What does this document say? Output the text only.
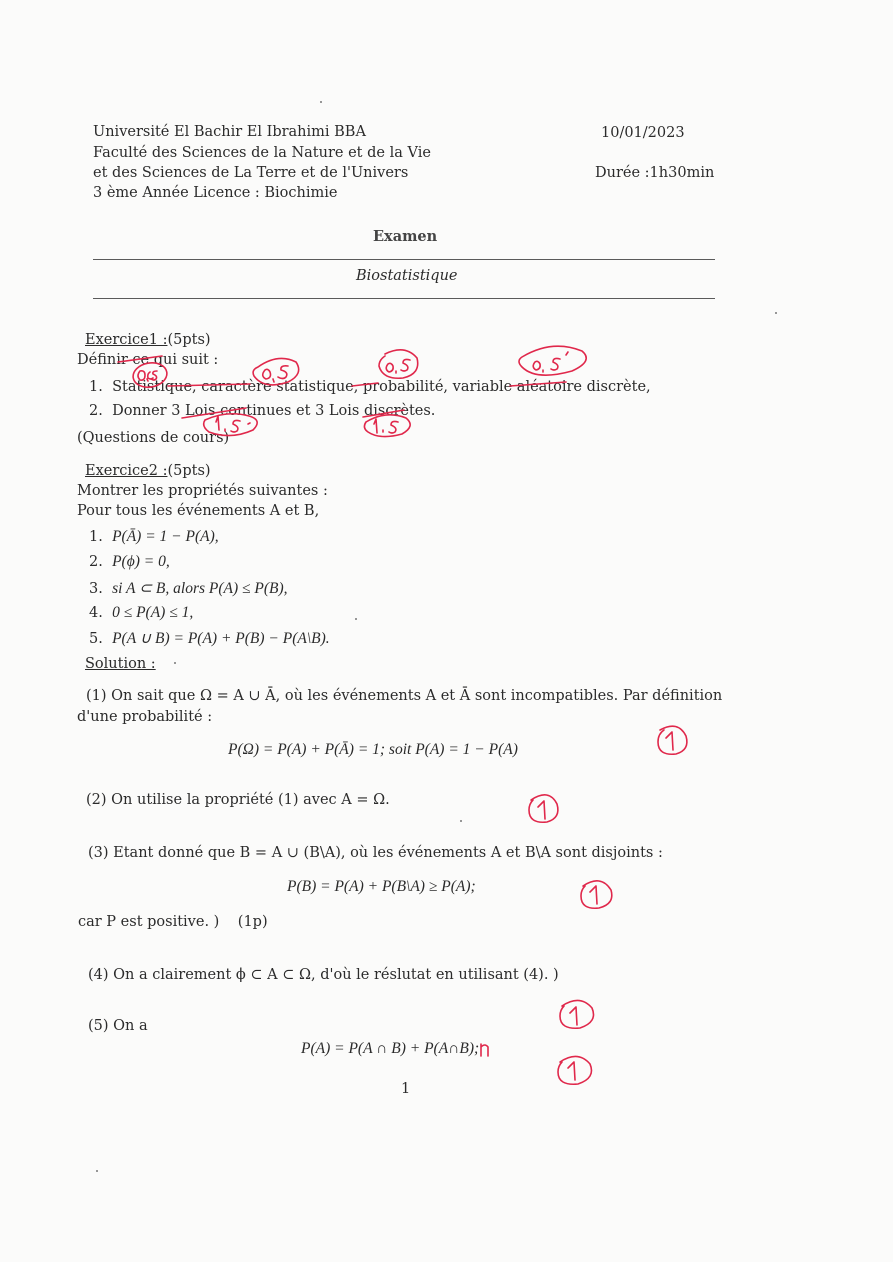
Université El Bachir El Ibrahimi BBA
Faculté des Sciences de la Nature et de la Vie
et des Sciences de La Terre et de l'Univers
3 ème Année Licence : Biochimie
10/01/2023
Durée :1h30min
Examen
Biostatistique
Exercice1 :(5pts)
Définir ce qui suit :
1. Statistique, caractère statistique, probabilité, variable aléatoire discrète,
2. Donner 3 Lois continues et 3 Lois discrètes.
(Questions de cours)
Exercice2 :(5pts)
Montrer les propriétés suivantes :
Pour tous les événements A et B,
1. P(Ā) = 1 − P(A),
2. P(ϕ) = 0,
3. si A ⊂ B, alors P(A) ≤ P(B),
4. 0 ≤ P(A) ≤ 1,
5. P(A ∪ B) = P(A) + P(B) − P(A\B).
Solution :
(1) On sait que Ω = A ∪ Ā, où les événements A et Ā sont incompatibles. Par définition
d'une probabilité :
P(Ω) = P(A) + P(Ā) = 1; soit P(A) = 1 − P(A)
(2) On utilise la propriété (1) avec A = Ω.
(3) Etant donné que B = A ∪ (B\A), où les événements A et B\A sont disjoints :
P(B) = P(A) + P(B\A) ≥ P(A);
car P est positive. ) (1p)
(4) On a clairement ϕ ⊂ A ⊂ Ω, d'où le réslutat en utilisant (4). )
(5) On a
P(A) = P(A ∩ B) + P(A∩B);
1
